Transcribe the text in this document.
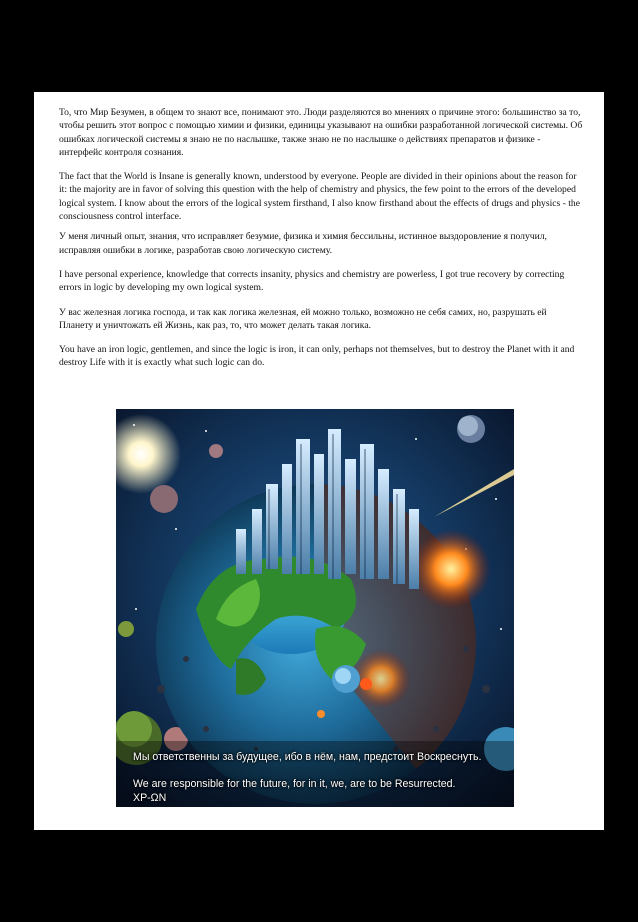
То, что Мир Безумен, в общем то знают все, понимают это. Люди разделяются во мнениях о причине этого: большинство за то, чтобы решить этот вопрос с помощью химии и физики, единицы указывают на ошибки разработанной логической системы. Об ошибках логической системы я знаю не по наслышке, также знаю не по наслышке о действиях препаратов и физике - интерфейс контроля сознания.

The fact that the World is Insane is generally known, understood by everyone. People are divided in their opinions about the reason for it: the majority are in favor of solving this question with the help of chemistry and physics, the few point to the errors of the developed logical system. I know about the errors of the logical system firsthand, I also know firsthand about the effects of drugs and physics - the consciousness control interface.

У меня личный опыт, знания, что исправляет безумие, физика и химия бессильны, истинное выздоровление я получил, исправляя ошибки в логике, разработав свою логическую систему.

I have personal experience, knowledge that corrects insanity, physics and chemistry are powerless, I got true recovery by correcting errors in logic by developing my own logical system.

У вас железная логика господа, и так как логика железная, ей можно только, возможно не себя самих, но, разрушать ей Планету и уничтожать ей Жизнь, как раз, то, что может делать такая логика.

You have an iron logic, gentlemen, and since the logic is iron, it can only, perhaps not themselves, but to destroy the Planet with it and destroy Life with it is exactly what such logic can do.

Мы ответственны за будущее, ибо в нём, нам, предстоит Воскреснуть.
We are responsible for the future, for in it, we, are to be Resurrected.
XP-ΩN
